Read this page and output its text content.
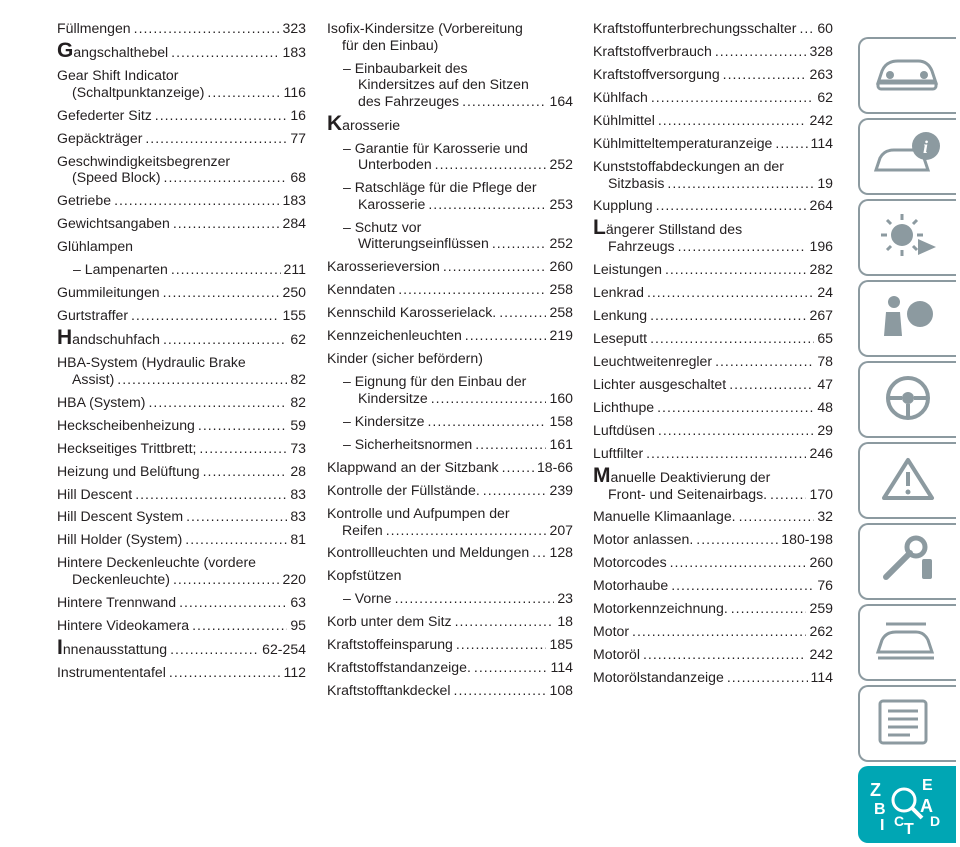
Füllmengen .....	323
G angschalthebel .....	183
Gear Shift Indicator
(Schaltpunktanzeige) .....	116
Gefederter Sitz .....	16
Gepäckträger .....	77
Geschwindigkeitsbegrenzer
(Speed Block) .....	68
Getriebe .....	183
Gewichtsangaben .....	284
Glühlampen
– Lampenarten .....	211
Gummileitungen .....	250
Gurtstraffer .....	155
H andschuhfach .....	62
HBA-System (Hydraulic Brake
Assist) .....	82
HBA (System) .....	82
Heckscheibenheizung .....	59
Heckseitiges Trittbrett; .....	73
Heizung und Belüftung .....	28
Hill Descent .....	83
Hill Descent System .....	83
Hill Holder (System) .....	81
Hintere Deckenleuchte (vordere
Deckenleuchte) .....	220
Hintere Trennwand .....	63
Hintere Videokamera .....	95
I nnenausstattung .....	62-254
Instrumententafel .....	112
Isofix-Kindersitze (Vorbereitung
für den Einbau)
– Einbaubarkeit des
Kindersitzes auf den Sitzen
des Fahrzeuges .....	164
K arosserie
– Garantie für Karosserie und
Unterboden .....	252
– Ratschläge für die Pflege der
Karosserie .....	253
– Schutz vor
Witterungseinflüssen .....	252
Karosserieversion .....	260
Kenndaten .....	258
Kennschild Karosserielack. .....	258
Kennzeichenleuchten .....	219
Kinder (sicher befördern)
– Eignung für den Einbau der
Kindersitze .....	160
– Kindersitze .....	158
– Sicherheitsnormen .....	161
Klappwand an der Sitzbank .....	18-66
Kontrolle der Füllstände. .....	239
Kontrolle und Aufpumpen der
Reifen .....	207
Kontrollleuchten und Meldungen ..... 128
Kopfstützen
– Vorne .....	23
Korb unter dem Sitz .....	18
Kraftstoffeinsparung .....	185
Kraftstoffstandanzeige. .....	114
Kraftstofftankdeckel .....	108
Kraftstoffunterbrechungsschalter ..... 60
Kraftstoffverbrauch .....	328
Kraftstoffversorgung .....	263
Kühlfach .....	62
Kühlmittel .....	242
Kühlmitteltemperaturanzeige .....	114
Kunststoffabdeckungen an der
Sitzbasis .....	19
Kupplung .....	264
L ängerer Stillstand des
Fahrzeugs .....	196
Leistungen .....	282
Lenkrad .....	24
Lenkung .....	267
Leseputt .....	65
Leuchtweitenregler .....	78
Lichter ausgeschaltet .....	47
Lichthupe .....	48
Luftdüsen .....	29
Luftfilter .....	246
M anuelle Deaktivierung der
Front- und Seitenairbags. .....	170
Manuelle Klimaanlage. .....	32
Motor anlassen. .....	180-198
Motorcodes .....	260
Motorhaube .....	76
Motorkennzeichnung. .....	259
Motor .....	262
Motoröl .....	242
Motorölstandanzeige .....	114
i
Z	E
A
B
I C T D
